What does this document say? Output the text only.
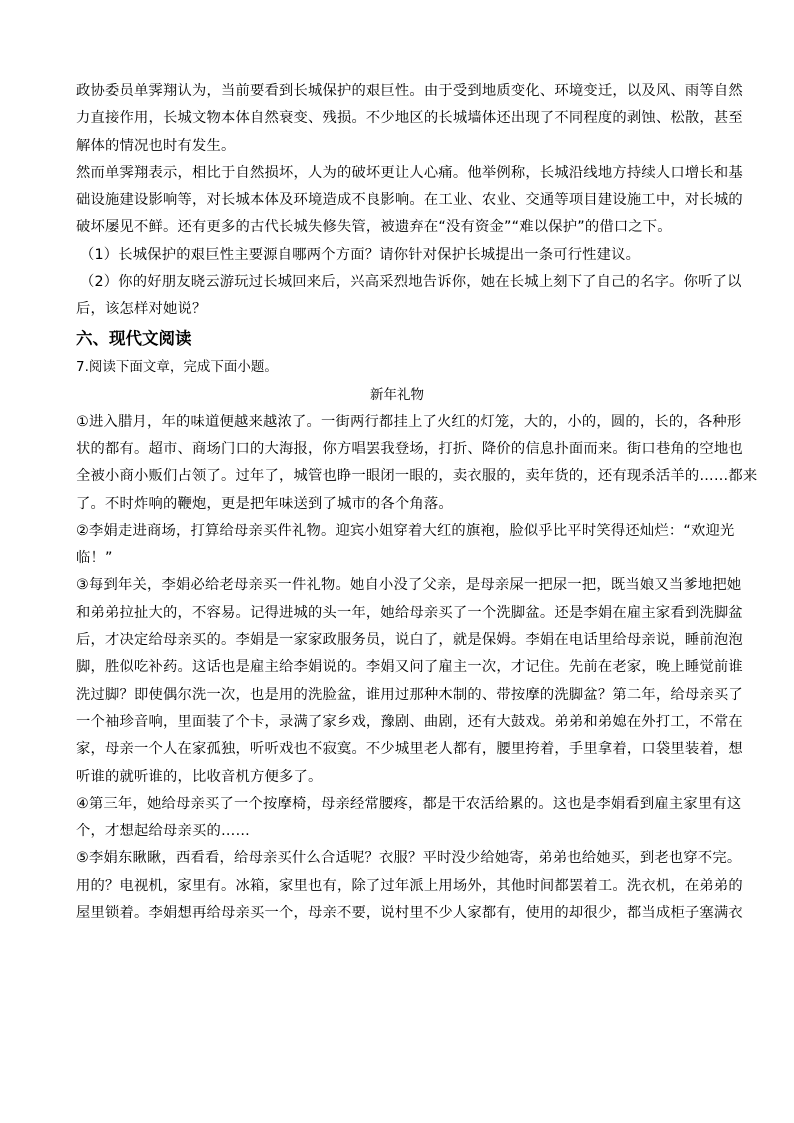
政协委员单霁翔认为，当前要看到长城保护的艰巨性。由于受到地质变化、环境变迁，以及风、雨等自然
力直接作用，长城文物本体自然衰变、残损。不少地区的长城墙体还出现了不同程度的剥蚀、松散，甚至
解体的情况也时有发生。
然而单霁翔表示，相比于自然损坏，人为的破坏更让人心痛。他举例称，长城沿线地方持续人口增长和基
础设施建设影响等，对长城本体及环境造成不良影响。在工业、农业、交通等项目建设施工中，对长城的
破坏屡见不鲜。还有更多的古代长城失修失管，被遗弃在“没有资金”“难以保护”的借口之下。
（1）长城保护的艰巨性主要源自哪两个方面？请你针对保护长城提出一条可行性建议。
（2）你的好朋友晓云游玩过长城回来后，兴高采烈地告诉你，她在长城上刻下了自己的名字。你听了以
后，该怎样对她说？
六、现代文阅读
7.阅读下面文章，完成下面小题。
新年礼物
①进入腊月，年的味道便越来越浓了。一街两行都挂上了火红的灯笼，大的，小的，圆的，长的，各种形
状的都有。超市、商场门口的大海报，你方唱罢我登场，打折、降价的信息扑面而来。街口巷角的空地也
全被小商小贩们占领了。过年了，城管也睁一眼闭一眼的，卖衣服的，卖年货的，还有现杀活羊的……都来
了。不时炸响的鞭炮，更是把年味送到了城市的各个角落。
②李娟走进商场，打算给母亲买件礼物。迎宾小姐穿着大红的旗袍，脸似乎比平时笑得还灿烂：“欢迎光
临！”
③每到年关，李娟必给老母亲买一件礼物。她自小没了父亲，是母亲屎一把尿一把，既当娘又当爹地把她
和弟弟拉扯大的，不容易。记得进城的头一年，她给母亲买了一个洗脚盆。还是李娟在雇主家看到洗脚盆
后，才决定给母亲买的。李娟是一家家政服务员，说白了，就是保姆。李娟在电话里给母亲说，睡前泡泡
脚，胜似吃补药。这话也是雇主给李娟说的。李娟又问了雇主一次，才记住。先前在老家，晚上睡觉前谁
洗过脚？即使偶尔洗一次，也是用的洗脸盆，谁用过那种木制的、带按摩的洗脚盆？第二年，给母亲买了
一个袖珍音响，里面装了个卡，录满了家乡戏，豫剧、曲剧，还有大鼓戏。弟弟和弟媳在外打工，不常在
家，母亲一个人在家孤独，听听戏也不寂寞。不少城里老人都有，腰里挎着，手里拿着，口袋里装着，想
听谁的就听谁的，比收音机方便多了。
④第三年，她给母亲买了一个按摩椅，母亲经常腰疼，都是干农活给累的。这也是李娟看到雇主家里有这
个，才想起给母亲买的……
⑤李娟东瞅瞅，西看看，给母亲买什么合适呢？衣服？平时没少给她寄，弟弟也给她买，到老也穿不完。
用的？电视机，家里有。冰箱，家里也有，除了过年派上用场外，其他时间都罢着工。洗衣机，在弟弟的
屋里锁着。李娟想再给母亲买一个，母亲不要，说村里不少人家都有，使用的却很少，都当成柜子塞满衣
